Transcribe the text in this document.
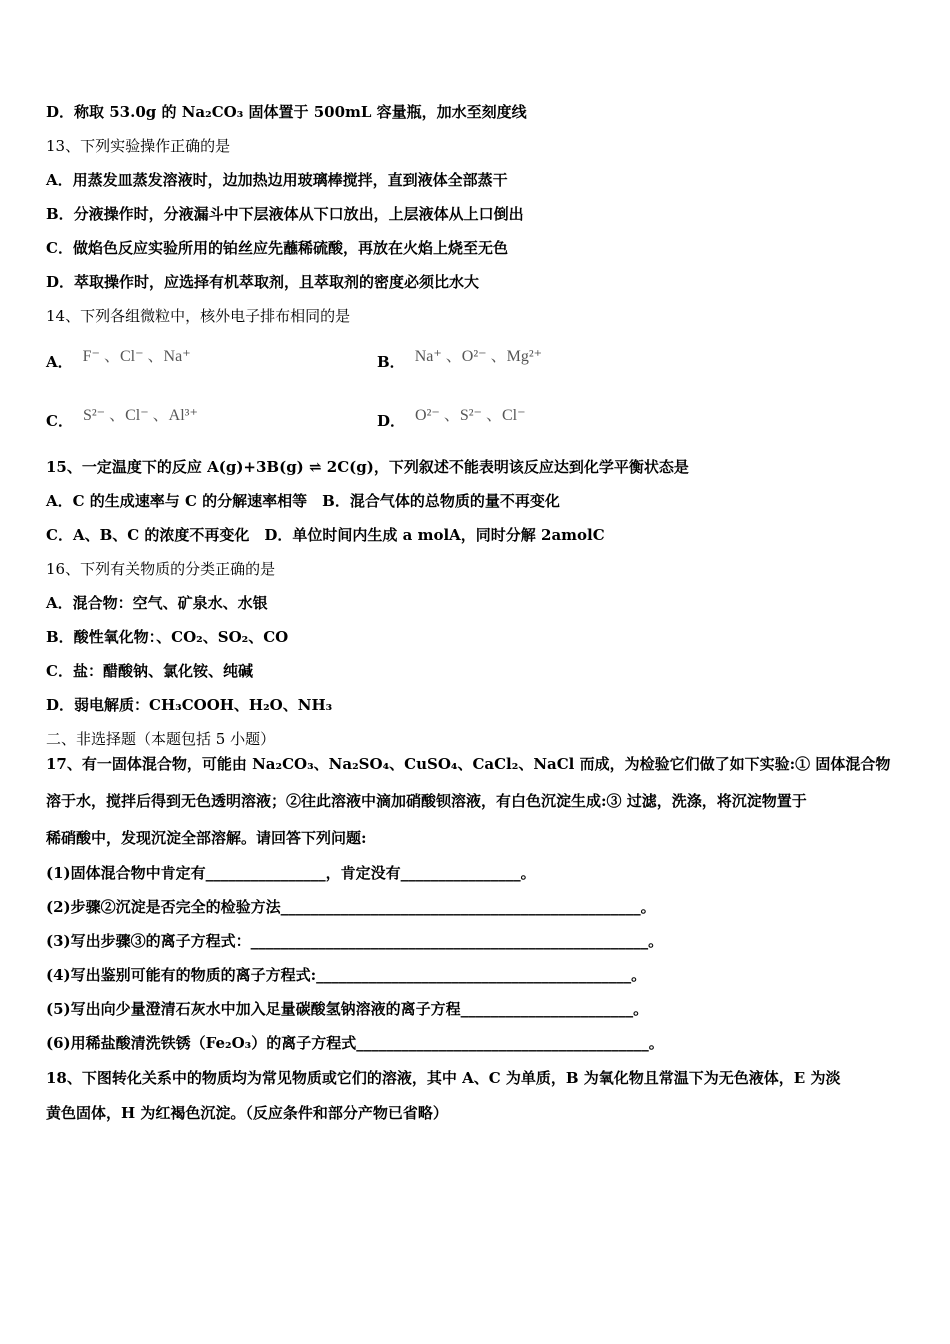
D．称取 53.0g 的 Na₂CO₃ 固体置于 500mL 容量瓶，加水至刻度线
13、下列实验操作正确的是
A．用蒸发皿蒸发溶液时，边加热边用玻璃棒搅拌，直到液体全部蒸干
B．分液操作时，分液漏斗中下层液体从下口放出，上层液体从上口倒出
C．做焰色反应实验所用的铂丝应先蘸稀硫酸，再放在火焰上烧至无色
D．萃取操作时，应选择有机萃取剂，且萃取剂的密度必须比水大
14、下列各组微粒中，核外电子排布相同的是
A． F⁻ 、Cl⁻ 、Na⁺	B． Na⁺ 、O²⁻ 、Mg²⁺
C． S²⁻ 、Cl⁻ 、Al³⁺	D． O²⁻ 、S²⁻ 、Cl⁻
15、一定温度下的反应 A(g)+3B(g) ⇌ 2C(g)，下列叙述不能表明该反应达到化学平衡状态是
A．C 的生成速率与 C 的分解速率相等　B．混合气体的总物质的量不再变化
C．A、B、C 的浓度不再变化　D．单位时间内生成 a molA，同时分解 2amolC
16、下列有关物质的分类正确的是
A．混合物：空气、矿泉水、水银
B．酸性氧化物：、CO₂、SO₂、CO
C．盐：醋酸钠、氯化铵、纯碱
D．弱电解质：CH₃COOH、H₂O、NH₃
二、非选择题（本题包括 5 小题）
17、有一固体混合物，可能由 Na₂CO₃、Na₂SO₄、CuSO₄、CaCl₂、NaCl 而成，为检验它们做了如下实验:① 固体混合物
溶于水，搅拌后得到无色透明溶液；②往此溶液中滴加硝酸钡溶液，有白色沉淀生成:③ 过滤，洗涤，将沉淀物置于
稀硝酸中，发现沉淀全部溶解。请回答下列问题:
(1)固体混合物中肯定有________________，肯定没有________________。
(2)步骤②沉淀是否完全的检验方法________________________________________________。
(3)写出步骤③的离子方程式：_____________________________________________________。
(4)写出鉴别可能有的物质的离子方程式:__________________________________________。
(5)写出向少量澄清石灰水中加入足量碳酸氢钠溶液的离子方程_______________________。
(6)用稀盐酸清洗铁锈（Fe₂O₃）的离子方程式_______________________________________。
18、下图转化关系中的物质均为常见物质或它们的溶液，其中 A、C 为单质，B 为氧化物且常温下为无色液体，E 为淡
黄色固体，H 为红褐色沉淀。（反应条件和部分产物已省略）
